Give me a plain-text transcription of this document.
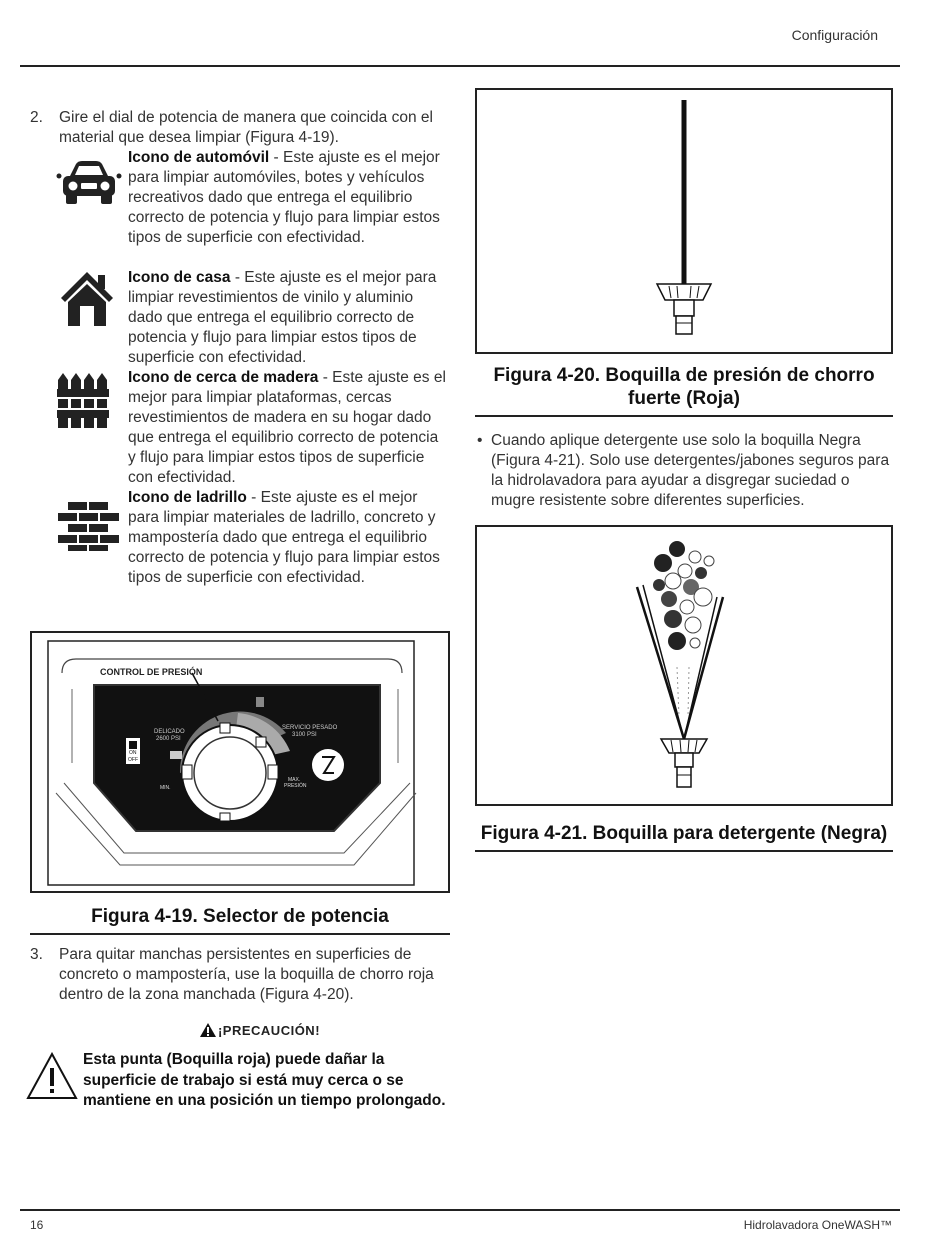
Configuración
2.	Gire el dial de potencia de manera que coincida con el material que desea limpiar (Figura 4-19).
Icono de automóvil - Este ajuste es el mejor para limpiar automóviles, botes y vehículos recreativos dado que entrega el equilibrio correcto de potencia y flujo para limpiar estos tipos de superficie con efectividad.
Icono de casa - Este ajuste es el mejor para limpiar revestimientos de vinilo y aluminio dado que entrega el equilibrio correcto de potencia y flujo para limpiar estos tipos de superficie con efectividad.
Icono de cerca de madera - Este ajuste es el mejor para limpiar plataformas, cercas revestimientos de madera en su hogar dado que entrega el equilibrio correcto de potencia y flujo para limpiar estos tipos de superficie con efectividad.
Icono de ladrillo - Este ajuste es el mejor para limpiar materiales de ladrillo, concreto y mampostería dado que entrega el equilibrio correcto de potencia y flujo para limpiar estos tipos de superficie con efectividad.
CONTROL DE PRESIÓN
DELICADO
2600 PSI
SERVICIO PESADO
3100 PSI
MAX.
PRESIÓN
MIN.
ON
OFF
Figura 4-19. Selector de potencia
3.	Para quitar manchas persistentes en superficies de concreto o mampostería, use la boquilla de chorro roja dentro de la zona manchada (Figura 4-20).
¡PRECAUCIÓN!
Esta punta (Boquilla roja) puede dañar la superficie de trabajo si está muy cerca o se mantiene en una posición un tiempo prolongado.
Figura 4-20. Boquilla de presión de chorro fuerte (Roja)
• Cuando aplique detergente use solo la boquilla Negra (Figura 4-21). Solo use detergentes/jabones seguros para la hidrolavadora para ayudar a disgregar suciedad o mugre resistente sobre diferentes superficies.
Figura 4-21. Boquilla para detergente (Negra)
16	Hidrolavadora OneWASH™
